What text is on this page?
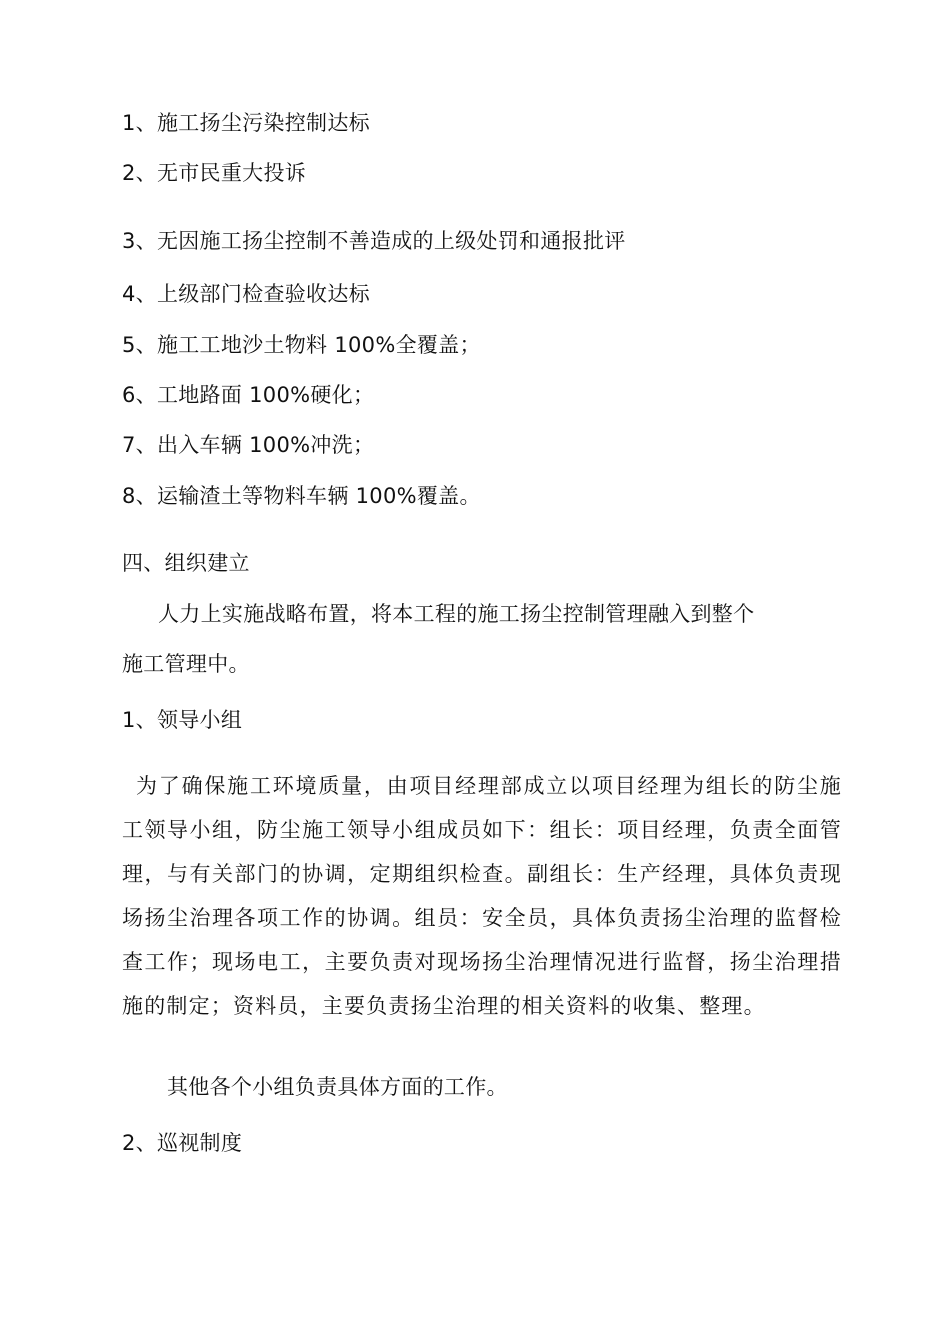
1、施工扬尘污染控制达标
2、无市民重大投诉
3、无因施工扬尘控制不善造成的上级处罚和通报批评
4、上级部门检查验收达标
5、施工工地沙土物料 100%全覆盖；
6、工地路面 100%硬化；
7、出入车辆 100%冲洗；
8、运输渣土等物料车辆 100%覆盖。
四、组织建立
人力上实施战略布置，将本工程的施工扬尘控制管理融入到整个
施工管理中。
1、领导小组
为了确保施工环境质量，由项目经理部成立以项目经理为组长的防尘施工领导小组，防尘施工领导小组成员如下：组长：项目经理，负责全面管理，与有关部门的协调，定期组织检查。副组长：生产经理，具体负责现场扬尘治理各项工作的协调。组员：安全员，具体负责扬尘治理的监督检查工作；现场电工，主要负责对现场扬尘治理情况进行监督，扬尘治理措施的制定；资料员，主要负责扬尘治理的相关资料的收集、整理。
其他各个小组负责具体方面的工作。
2、巡视制度
